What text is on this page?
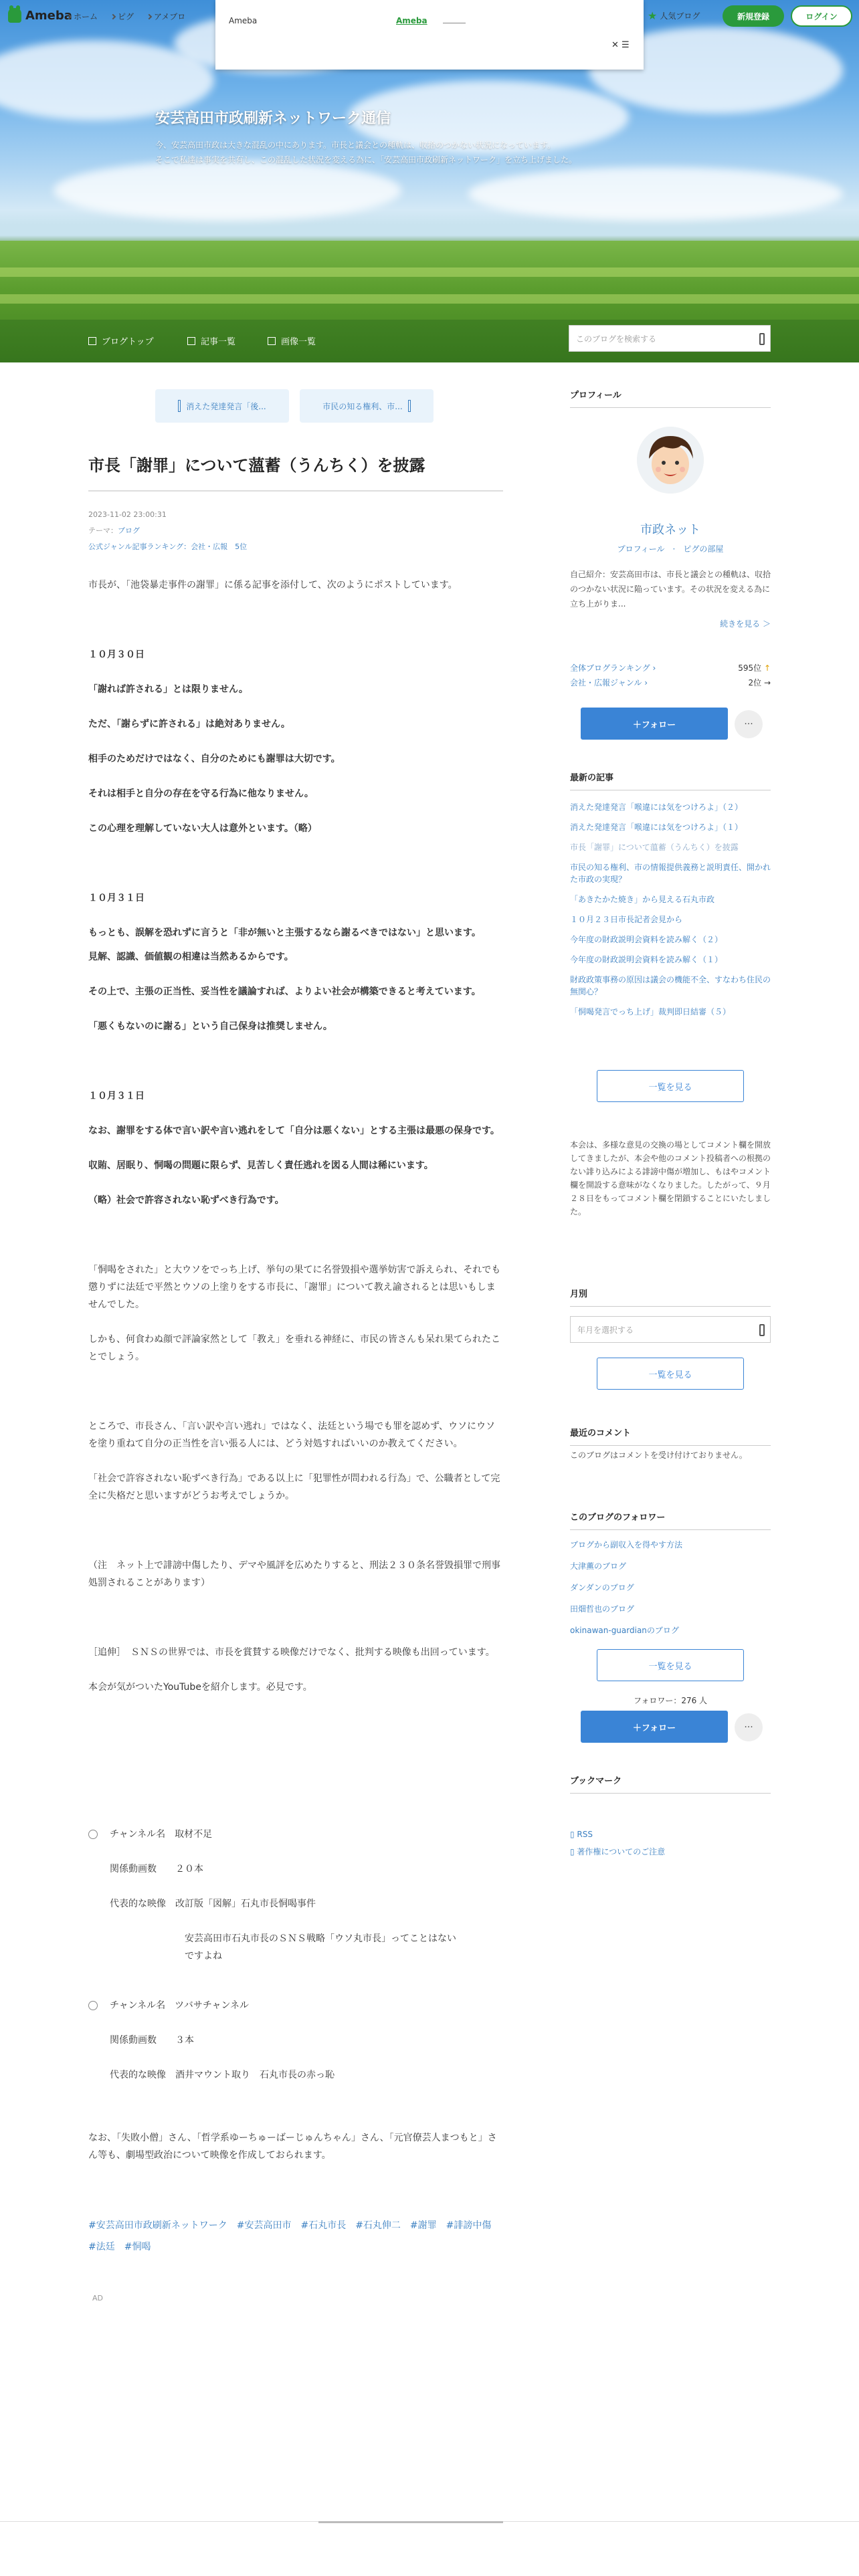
安芸高田市政刷新ネットワーク通信
今、安芸高田市政は大きな混乱の中にあります。市長と議会との種軌は、収拾のつかない状況になっています。
そこで私達は事実を共有し、この混乱した状況を変える為に、「安芸高田市政刷新ネットワーク」を立ち上げました。
ブログトップ	記事一覧	画像一覧	このブログを検索する
Ameba ホーム	ピグ	アメブロ	★ 人気ブログ	新規登録	ログイン
Ameba	Ameba
✕ ☰
消えた発達発言「後...	市民の知る権利、市...
市長「謝罪」について薀蓄（うんちく）を披露
2023-11-02 23:00:31
テーマ：ブログ
公式ジャンル記事ランキング：会社・広報　5位

市長が、「池袋暴走事件の謝罪」に係る記事を添付して、次のようにポストしています。

１０月３０日

「謝れば許される」とは限りません。

ただ、「謝らずに許される」は絶対ありません。

相手のためだけではなく、自分のためにも謝罪は大切です。

それは相手と自分の存在を守る行為に他なりません。

この心理を理解していない大人は意外といます。（略）

１０月３１日

もっとも、誤解を恐れずに言うと「非が無いと主張するなら謝るべきではない」と思います。

見解、認識、価値観の相違は当然あるからです。

その上で、主張の正当性、妥当性を議論すれば、よりよい社会が構築できると考えています。

「悪くもないのに謝る」という自己保身は推奨しません。

１０月３１日

なお、謝罪をする体で言い訳や言い逃れをして「自分は悪くない」とする主張は最悪の保身です。

収賄、居眠り、恫喝の問題に限らず、見苦しく責任逃れを図る人間は稀にいます。

（略）社会で許容されない恥ずべき行為です。

「恫喝をされた」と大ウソをでっち上げ、挙句の果てに名誉毀損や選挙妨害で訴えられ、それでも懲りずに法廷で平然とウソの上塗りをする市長に、「謝罪」について教え諭されるとは思いもしませんでした。

しかも、何食わぬ顔で評論家然として「教え」を垂れる神経に、市民の皆さんも呆れ果てられたことでしょう。

ところで、市長さん、「言い訳や言い逃れ」ではなく、法廷という場でも罪を認めず、ウソにウソを塗り重ねて自分の正当性を言い張る人には、どう対処すればいいのか教えてください。

「社会で許容されない恥ずべき行為」である以上に「犯罪性が問われる行為」で、公職者として完全に失格だと思いますがどうお考えでしょうか。

（注　ネット上で誹謗中傷したり、デマや風評を広めたりすると、刑法２３０条名誉毀損罪で刑事処罰されることがあります）

［追伸］　ＳＮＳの世界では、市長を賞賛する映像だけでなく、批判する映像も出回っています。

本会が気がついたYouTubeを紹介します。必見です。

チャンネル名　 取材不足
関係動画数　　 ２０本
代表的な映像　 改訂版「図解」石丸市長恫喝事件
安芸高田市石丸市長のＳＮＳ戦略「ウソ丸市長」ってことはない
ですよね
チャンネル名　 ツバサチャンネル
関係動画数　　 ３本
代表的な映像　 酒井マウント取り　石丸市長の赤っ恥
なお、「失敗小僧」さん、「哲学系ゆーちゅーばーじゅんちゃん」さん、「元官僚芸人まつもと」さん等も、劇場型政治について映像を作成しておられます。
#安芸高田市政刷新ネットワーク　#安芸高田市　#石丸市長　#石丸伸二　#謝罪　#誹謗中傷　#法廷　#恫喝
AD
プロフィール
市政ネット
プロフィール　·　ピグの部屋
自己紹介：安芸高田市は、市長と議会との種軌は、収拾のつかない状況に陥っています。その状況を変える為に立ち上がりま...
続きを見る ＞
全体ブログランキング ›	595位 ↑
会社・広報ジャンル ›	2位 →
＋フォロー	···
最新の記事
消えた発達発言「喉違には気をつけろよ」（２）
消えた発達発言「喉違には気をつけろよ」（１）
市長「謝罪」について薀蓄（うんちく）を披露
市民の知る権利、市の情報提供義務と説明責任、開かれた市政の実現？
「あきたかた焼き」から見える石丸市政
１０月２３日市長記者会見から
今年度の財政説明会資料を読み解く（２）
今年度の財政説明会資料を読み解く（１）
財政政策事務の原因は議会の機能不全、すなわち住民の無関心？
「恫喝発言でっち上げ」裁判即日結審（５）
一覧を見る
本会は、多様な意見の交換の場としてコメント欄を開放してきましたが、本会や他のコメント投稿者への根拠のない誹り込みによる誹謗中傷が増加し、もはやコメント欄を開設する意味がなくなりました。したがって、９月２８日をもってコメント欄を閉鎖することにいたしました。
月別
年月を選択する
一覧を見る
最近のコメント
このブログはコメントを受け付けておりません。
このブログのフォロワー
ブログから副収入を得やす方法
大津薫のブログ
ダンダンのブログ
田畑哲也のブログ
okinawan-guardianのブログ
一覧を見る
フォロワー：276 人
＋フォロー	···
ブックマーク
▯ RSS
▯ 著作権についてのご注意
